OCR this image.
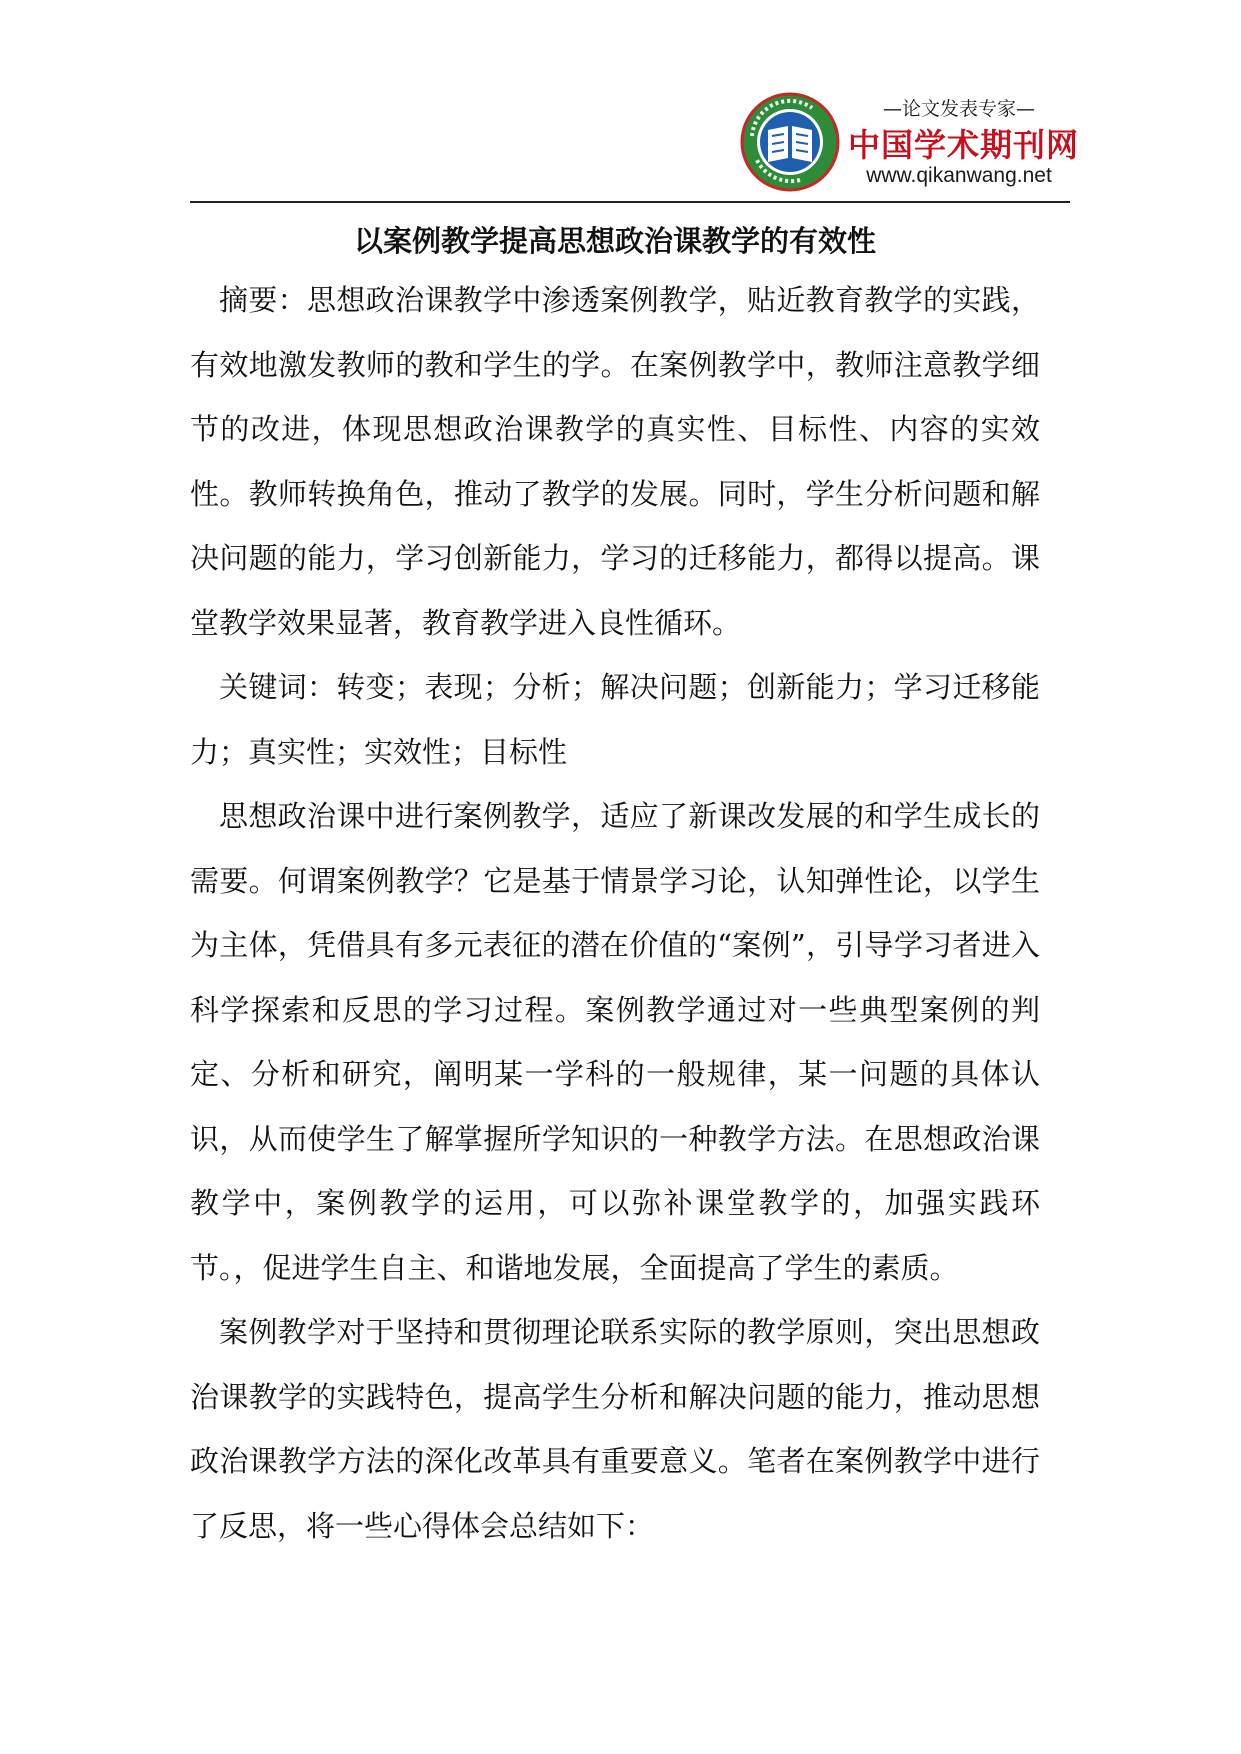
—论文发表专家—
中国学术期刊网
www.qikanwang.net
以案例教学提高思想政治课教学的有效性

摘要：思想政治课教学中渗透案例教学，贴近教育教学的实践，有效地激发教师的教和学生的学。在案例教学中，教师注意教学细节的改进，体现思想政治课教学的真实性、目标性、内容的实效性。教师转换角色，推动了教学的发展。同时，学生分析问题和解决问题的能力，学习创新能力，学习的迁移能力，都得以提高。课堂教学效果显著，教育教学进入良性循环。

关键词：转变；表现；分析；解决问题；创新能力；学习迁移能力；真实性；实效性；目标性

思想政治课中进行案例教学，适应了新课改发展的和学生成长的需要。何谓案例教学？它是基于情景学习论，认知弹性论，以学生为主体，凭借具有多元表征的潜在价值的“案例”，引导学习者进入科学探索和反思的学习过程。案例教学通过对一些典型案例的判定、分析和研究，阐明某一学科的一般规律，某一问题的具体认识，从而使学生了解掌握所学知识的一种教学方法。在思想政治课教学中，案例教学的运用，可以弥补课堂教学的，加强实践环节。，促进学生自主、和谐地发展，全面提高了学生的素质。

案例教学对于坚持和贯彻理论联系实际的教学原则，突出思想政治课教学的实践特色，提高学生分析和解决问题的能力，推动思想政治课教学方法的深化改革具有重要意义。笔者在案例教学中进行了反思，将一些心得体会总结如下：
